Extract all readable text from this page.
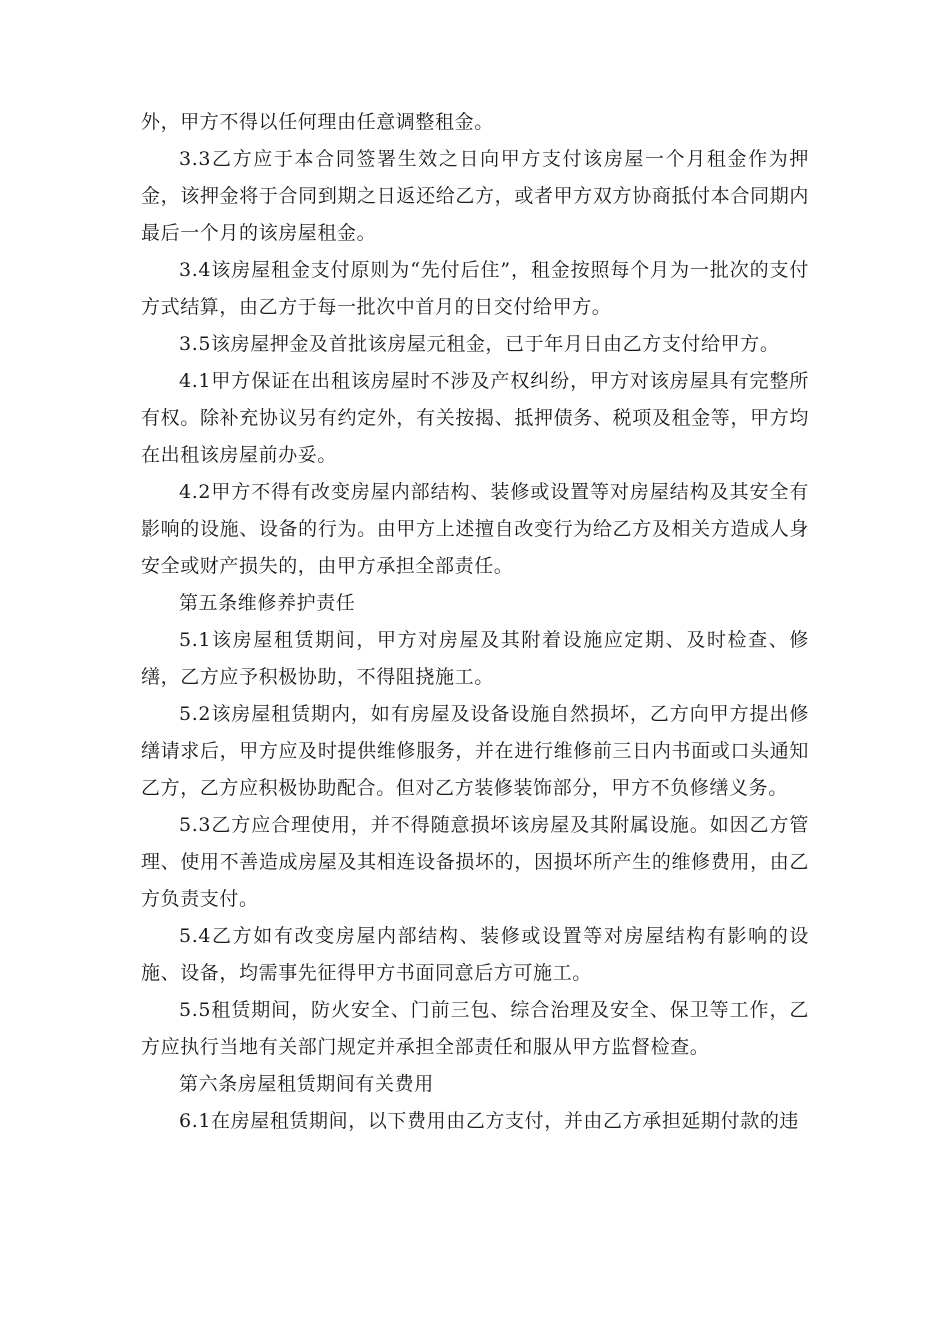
外，甲方不得以任何理由任意调整租金。

3.3乙方应于本合同签署生效之日向甲方支付该房屋一个月租金作为押金，该押金将于合同到期之日返还给乙方，或者甲方双方协商抵付本合同期内最后一个月的该房屋租金。

3.4该房屋租金支付原则为“先付后住”，租金按照每个月为一批次的支付方式结算，由乙方于每一批次中首月的日交付给甲方。

3.5该房屋押金及首批该房屋元租金，已于年月日由乙方支付给甲方。

4.1甲方保证在出租该房屋时不涉及产权纠纷，甲方对该房屋具有完整所有权。除补充协议另有约定外，有关按揭、抵押债务、税项及租金等，甲方均在出租该房屋前办妥。

4.2甲方不得有改变房屋内部结构、装修或设置等对房屋结构及其安全有影响的设施、设备的行为。由甲方上述擅自改变行为给乙方及相关方造成人身安全或财产损失的，由甲方承担全部责任。

第五条维修养护责任

5.1该房屋租赁期间，甲方对房屋及其附着设施应定期、及时检查、修缮，乙方应予积极协助，不得阻挠施工。

5.2该房屋租赁期内，如有房屋及设备设施自然损坏，乙方向甲方提出修缮请求后，甲方应及时提供维修服务，并在进行维修前三日内书面或口头通知乙方，乙方应积极协助配合。但对乙方装修装饰部分，甲方不负修缮义务。

5.3乙方应合理使用，并不得随意损坏该房屋及其附属设施。如因乙方管理、使用不善造成房屋及其相连设备损坏的，因损坏所产生的维修费用，由乙方负责支付。

5.4乙方如有改变房屋内部结构、装修或设置等对房屋结构有影响的设施、设备，均需事先征得甲方书面同意后方可施工。

5.5租赁期间，防火安全、门前三包、综合治理及安全、保卫等工作，乙方应执行当地有关部门规定并承担全部责任和服从甲方监督检查。

第六条房屋租赁期间有关费用

6.1在房屋租赁期间，以下费用由乙方支付，并由乙方承担延期付款的违
